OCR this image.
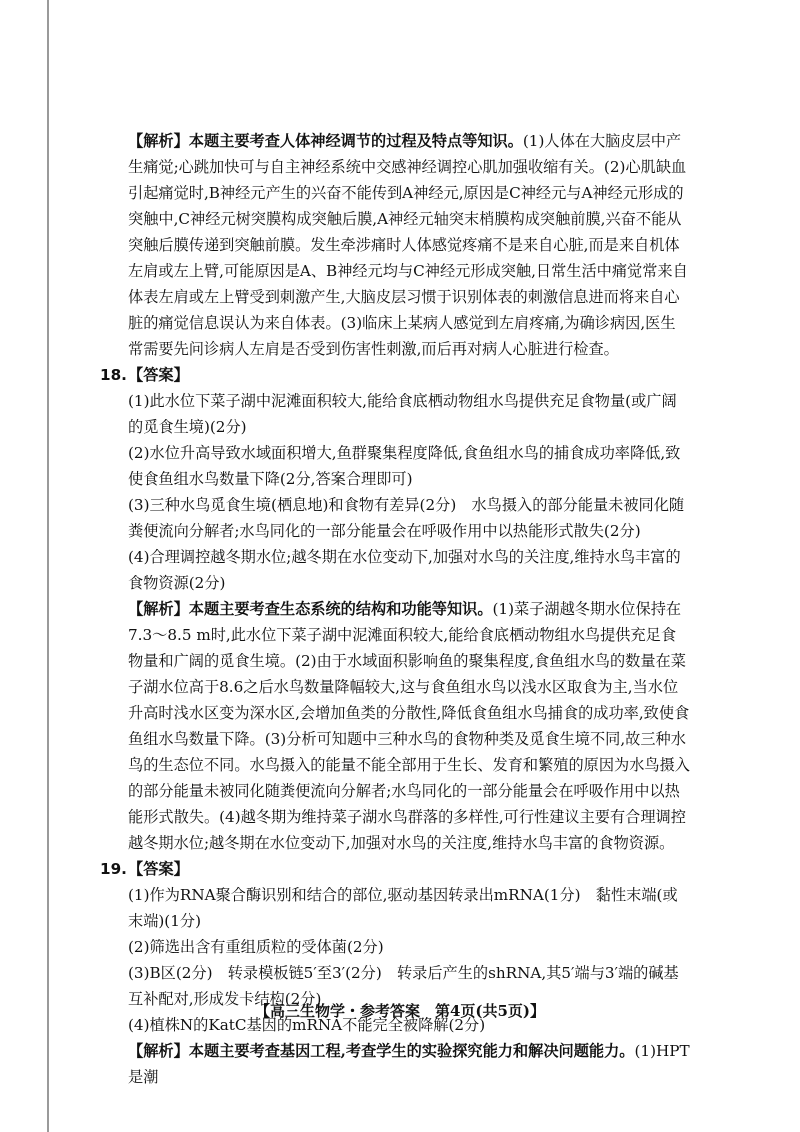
【解析】本题主要考查人体神经调节的过程及特点等知识。(1)人体在大脑皮层中产生痛觉;心跳加快可与自主神经系统中交感神经调控心肌加强收缩有关。(2)心肌缺血引起痛觉时,B神经元产生的兴奋不能传到A神经元,原因是C神经元与A神经元形成的突触中,C神经元树突膜构成突触后膜,A神经元轴突末梢膜构成突触前膜,兴奋不能从突触后膜传递到突触前膜。发生牵涉痛时人体感觉疼痛不是来自心脏,而是来自机体左肩或左上臂,可能原因是A、B神经元均与C神经元形成突触,日常生活中痛觉常来自体表左肩或左上臂受到刺激产生,大脑皮层习惯于识别体表的刺激信息进而将来自心脏的痛觉信息误认为来自体表。(3)临床上某病人感觉到左肩疼痛,为确诊病因,医生常需要先问诊病人左肩是否受到伤害性刺激,而后再对病人心脏进行检查。

18. 【答案】

(1)此水位下菜子湖中泥滩面积较大,能给食底栖动物组水鸟提供充足食物量(或广阔的觅食生境)(2分)

(2)水位升高导致水域面积增大,鱼群聚集程度降低,食鱼组水鸟的捕食成功率降低,致使食鱼组水鸟数量下降(2分,答案合理即可)

(3)三种水鸟觅食生境(栖息地)和食物有差异(2分)　水鸟摄入的部分能量未被同化随粪便流向分解者;水鸟同化的一部分能量会在呼吸作用中以热能形式散失(2分)

(4)合理调控越冬期水位;越冬期在水位变动下,加强对水鸟的关注度,维持水鸟丰富的食物资源(2分)

【解析】本题主要考查生态系统的结构和功能等知识。(1)菜子湖越冬期水位保持在7.3～8.5 m时,此水位下菜子湖中泥滩面积较大,能给食底栖动物组水鸟提供充足食物量和广阔的觅食生境。(2)由于水域面积影响鱼的聚集程度,食鱼组水鸟的数量在菜子湖水位高于8.6之后水鸟数量降幅较大,这与食鱼组水鸟以浅水区取食为主,当水位升高时浅水区变为深水区,会增加鱼类的分散性,降低食鱼组水鸟捕食的成功率,致使食鱼组水鸟数量下降。(3)分析可知题中三种水鸟的食物种类及觅食生境不同,故三种水鸟的生态位不同。水鸟摄入的能量不能全部用于生长、发育和繁殖的原因为水鸟摄入的部分能量未被同化随粪便流向分解者;水鸟同化的一部分能量会在呼吸作用中以热能形式散失。(4)越冬期为维持菜子湖水鸟群落的多样性,可行性建议主要有合理调控越冬期水位;越冬期在水位变动下,加强对水鸟的关注度,维持水鸟丰富的食物资源。

19. 【答案】

(1)作为RNA聚合酶识别和结合的部位,驱动基因转录出mRNA(1分)　黏性末端(或末端)(1分)

(2)筛选出含有重组质粒的受体菌(2分)

(3)B区(2分)　转录模板链5′至3′(2分)　转录后产生的shRNA,其5′端与3′端的碱基互补配对,形成发卡结构(2分)

(4)植株N的KatC基因的mRNA不能完全被降解(2分)

【解析】本题主要考查基因工程,考查学生的实验探究能力和解决问题能力。(1)HPT是潮

【高三生物学・参考答案　第4页(共5页)】
